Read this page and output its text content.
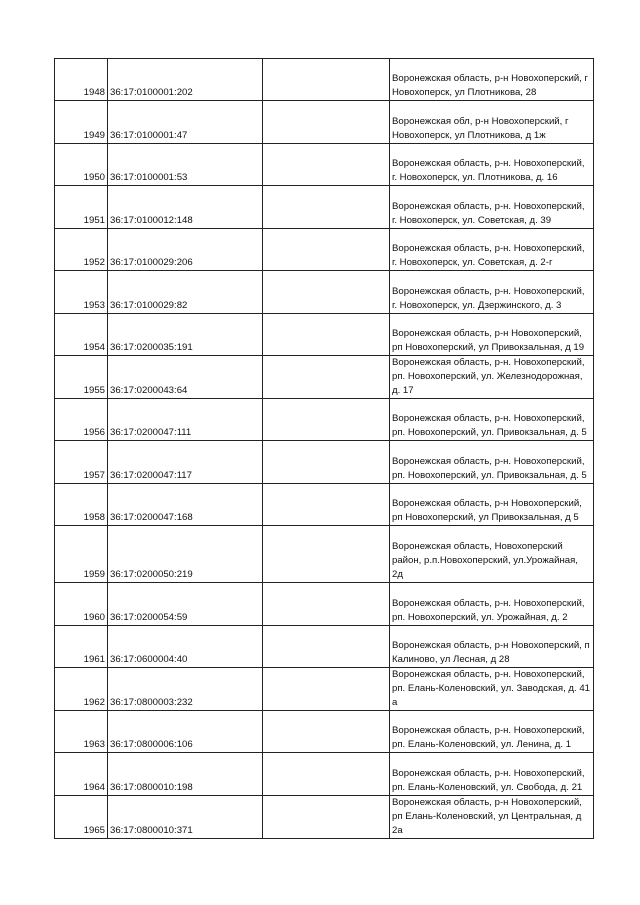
1948	36:17:0100001:202		Воронежская область, р-н Новохоперский, г Новохоперск, ул Плотникова, 28
1949	36:17:0100001:47		Воронежская обл, р-н Новохоперский, г Новохоперск, ул Плотникова, д 1ж
1950	36:17:0100001:53		Воронежская область, р-н. Новохоперский, г. Новохоперск, ул. Плотникова, д. 16
1951	36:17:0100012:148		Воронежская область, р-н. Новохоперский, г. Новохоперск, ул. Советская, д. 39
1952	36:17:0100029:206		Воронежская область, р-н. Новохоперский, г. Новохоперск, ул. Советская, д. 2-г
1953	36:17:0100029:82		Воронежская область, р-н. Новохоперский, г. Новохоперск, ул. Дзержинского, д. 3
1954	36:17:0200035:191		Воронежская область, р-н Новохоперский, рп Новохоперский, ул Привокзальная, д 19
1955	36:17:0200043:64		Воронежская область, р-н. Новохоперский, рп. Новохоперский, ул. Железнодорожная, д. 17
1956	36:17:0200047:111		Воронежская область, р-н. Новохоперский, рп. Новохоперский, ул. Привокзальная, д. 5
1957	36:17:0200047:117		Воронежская область, р-н. Новохоперский, рп. Новохоперский, ул. Привокзальная, д. 5
1958	36:17:0200047:168		Воронежская область, р-н Новохоперский, рп Новохоперский, ул Привокзальная, д 5
1959	36:17:0200050:219		Воронежская область, Новохоперский район, р.п.Новохоперский, ул.Урожайная, 2д
1960	36:17:0200054:59		Воронежская область, р-н. Новохоперский, рп. Новохоперский, ул. Урожайная, д. 2
1961	36:17:0600004:40		Воронежская область, р-н Новохоперский, п Калиново, ул Лесная, д 28
1962	36:17:0800003:232		Воронежская область, р-н. Новохоперский, рп. Елань-Коленовский, ул. Заводская, д. 41 а
1963	36:17:0800006:106		Воронежская область, р-н. Новохоперский, рп. Елань-Коленовский, ул. Ленина, д. 1
1964	36:17:0800010:198		Воронежская область, р-н. Новохоперский, рп. Елань-Коленовский, ул. Свобода, д. 21
1965	36:17:0800010:371		Воронежская область, р-н Новохоперский, рп Елань-Коленовский, ул Центральная, д 2а
